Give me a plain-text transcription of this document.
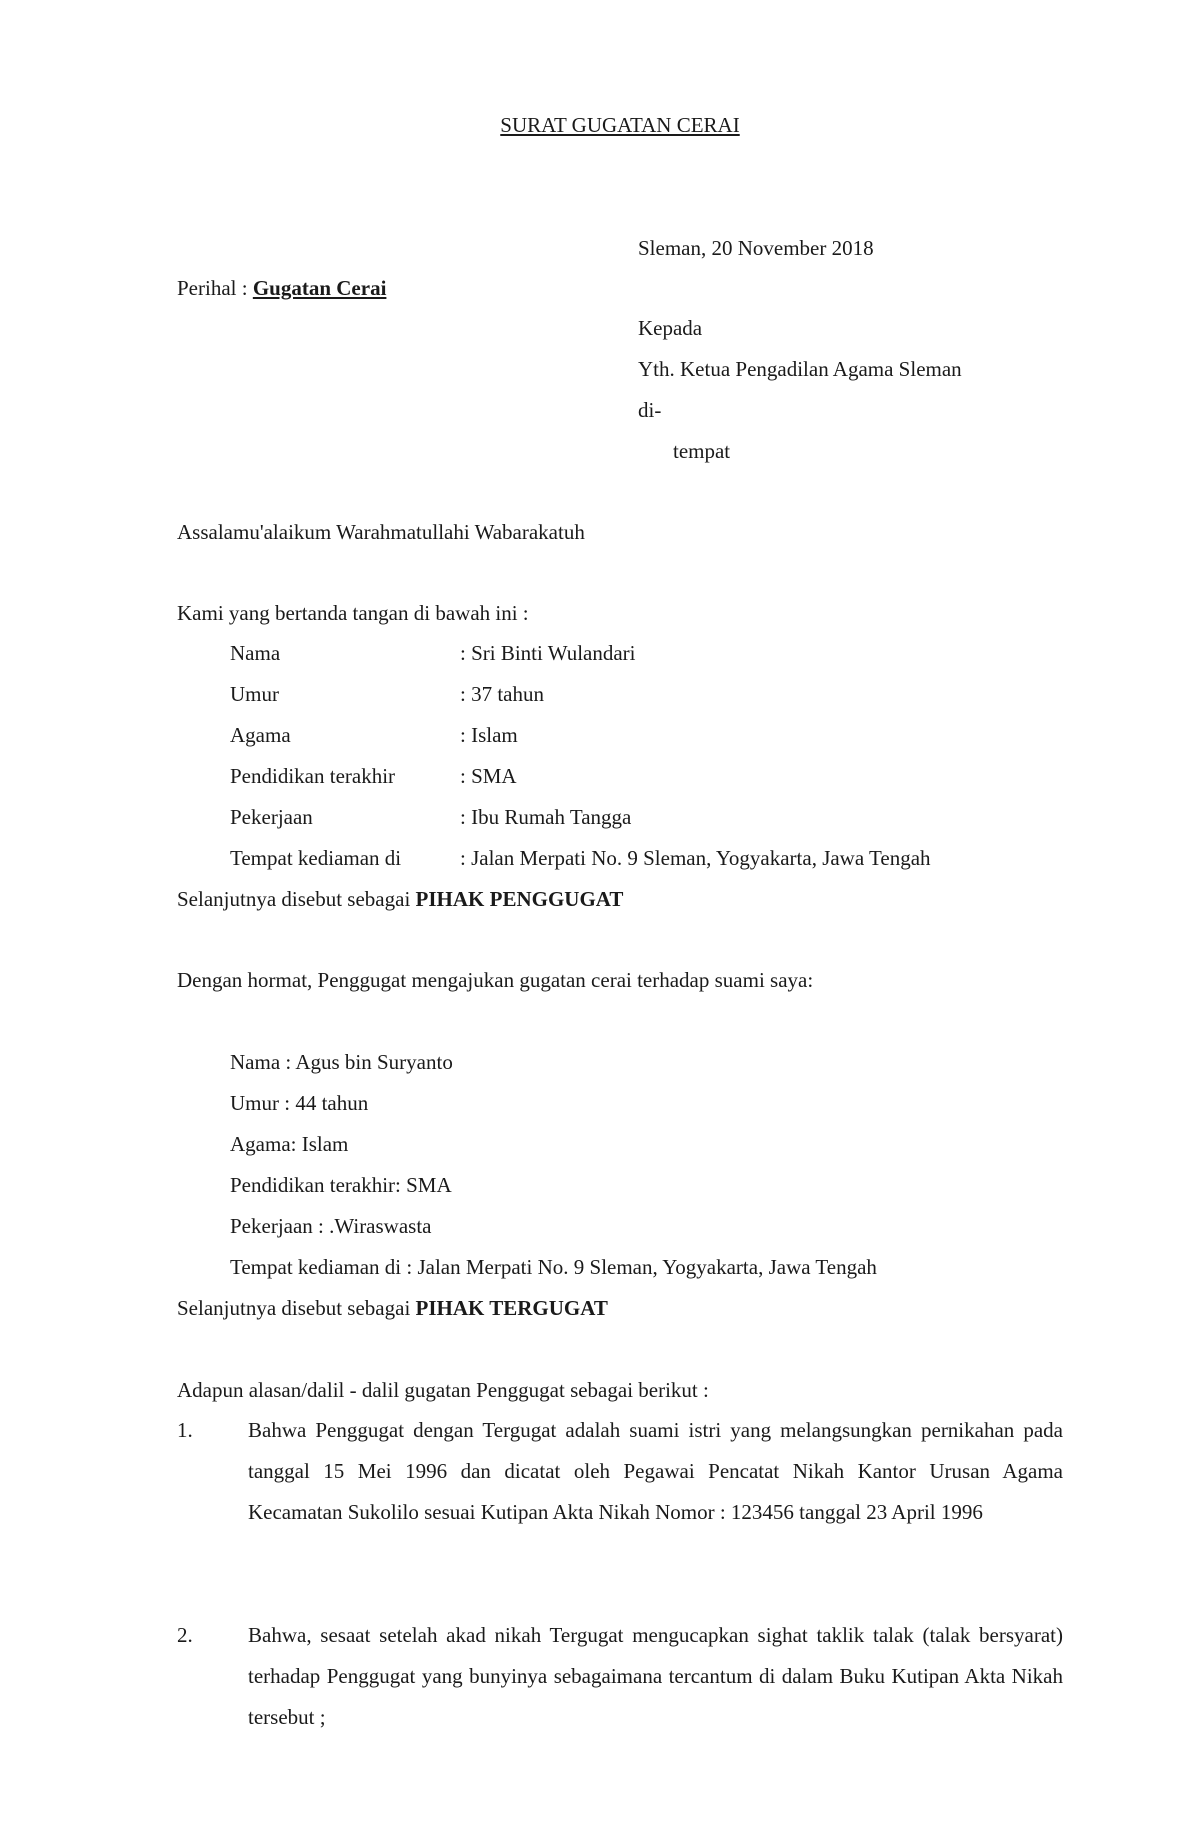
SURAT GUGATAN CERAI
Sleman, 20 November 2018
Perihal : Gugatan Cerai
Kepada
Yth. Ketua Pengadilan Agama Sleman
di-
tempat
Assalamu'alaikum Warahmatullahi Wabarakatuh
Kami yang bertanda tangan di bawah ini :
Nama	: Sri Binti Wulandari
Umur	: 37 tahun
Agama	: Islam
Pendidikan terakhir	: SMA
Pekerjaan	: Ibu Rumah Tangga
Tempat kediaman di	: Jalan Merpati No. 9 Sleman, Yogyakarta, Jawa Tengah
Selanjutnya disebut sebagai PIHAK PENGGUGAT
Dengan hormat, Penggugat mengajukan gugatan cerai terhadap suami saya:
Nama : Agus bin Suryanto
Umur : 44 tahun
Agama: Islam
Pendidikan terakhir: SMA
Pekerjaan : .Wiraswasta
Tempat kediaman di : Jalan Merpati No. 9 Sleman, Yogyakarta, Jawa Tengah
Selanjutnya disebut sebagai PIHAK TERGUGAT
Adapun alasan/dalil - dalil gugatan Penggugat sebagai berikut :
1.	Bahwa Penggugat dengan Tergugat adalah suami istri yang melangsungkan pernikahan pada tanggal 15 Mei 1996 dan dicatat oleh Pegawai Pencatat Nikah Kantor Urusan Agama Kecamatan Sukolilo sesuai Kutipan Akta Nikah Nomor : 123456 tanggal 23 April 1996
2.	Bahwa, sesaat setelah akad nikah Tergugat mengucapkan sighat taklik talak (talak bersyarat) terhadap Penggugat yang bunyinya sebagaimana tercantum di dalam Buku Kutipan Akta Nikah tersebut ;
